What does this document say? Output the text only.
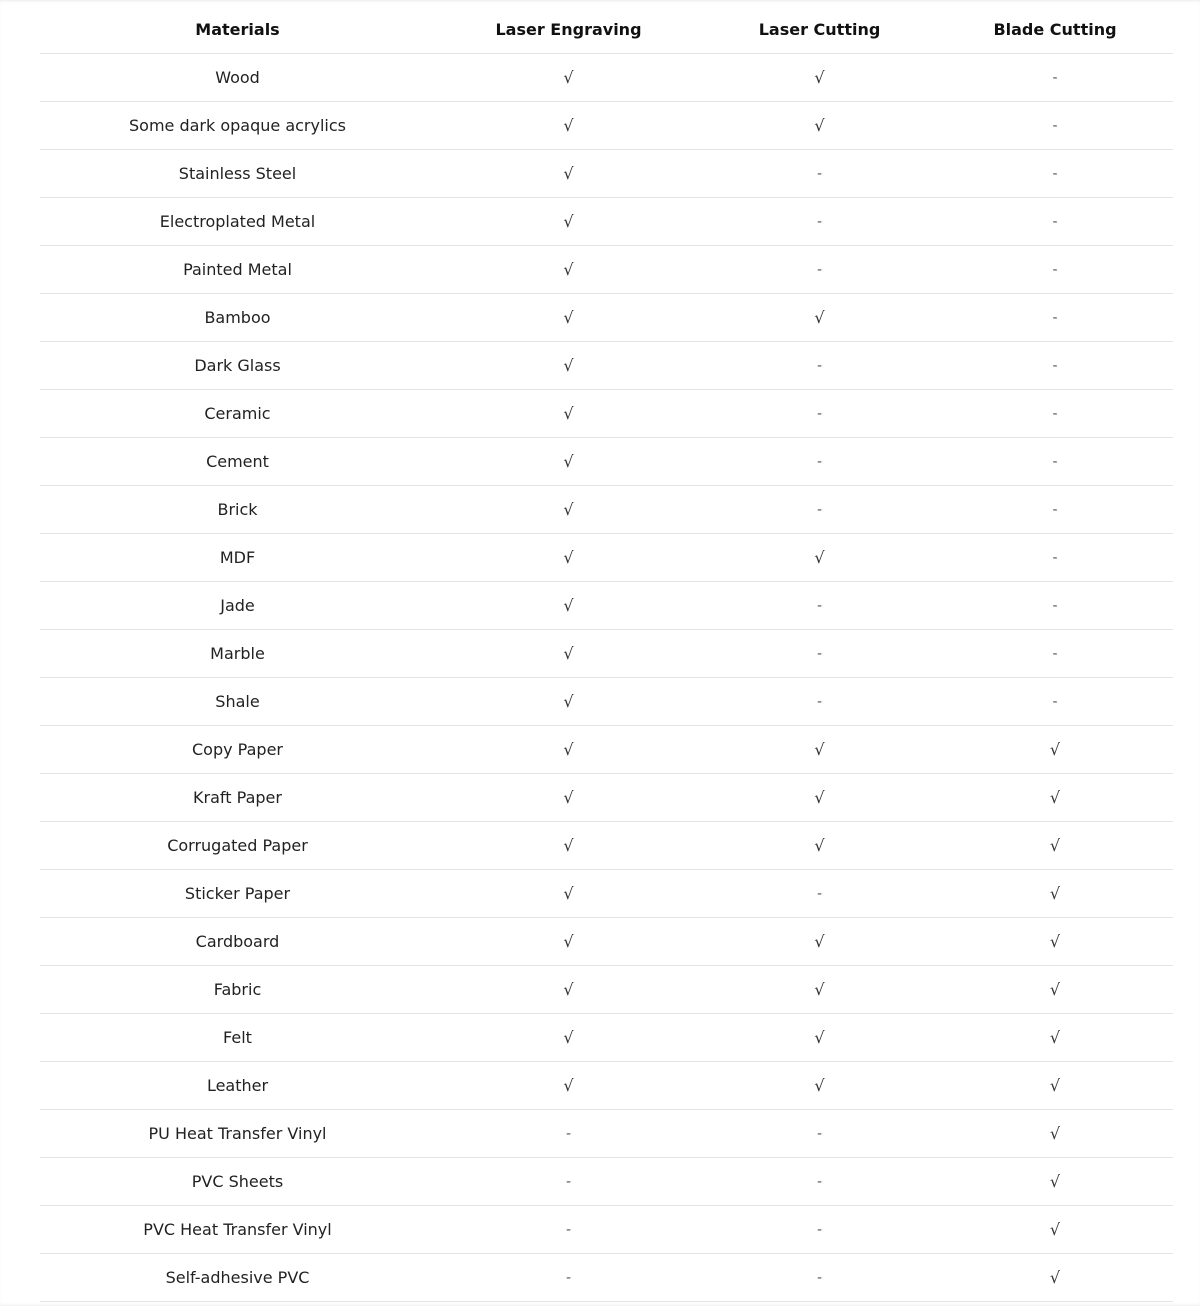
Materials	Laser Engraving	Laser Cutting	Blade Cutting
Wood	√	√	-
Some dark opaque acrylics	√	√	-
Stainless Steel	√	-	-
Electroplated Metal	√	-	-
Painted Metal	√	-	-
Bamboo	√	√	-
Dark Glass	√	-	-
Ceramic	√	-	-
Cement	√	-	-
Brick	√	-	-
MDF	√	√	-
Jade	√	-	-
Marble	√	-	-
Shale	√	-	-
Copy Paper	√	√	√
Kraft Paper	√	√	√
Corrugated Paper	√	√	√
Sticker Paper	√	-	√
Cardboard	√	√	√
Fabric	√	√	√
Felt	√	√	√
Leather	√	√	√
PU Heat Transfer Vinyl	-	-	√
PVC Sheets	-	-	√
PVC Heat Transfer Vinyl	-	-	√
Self-adhesive PVC	-	-	√
